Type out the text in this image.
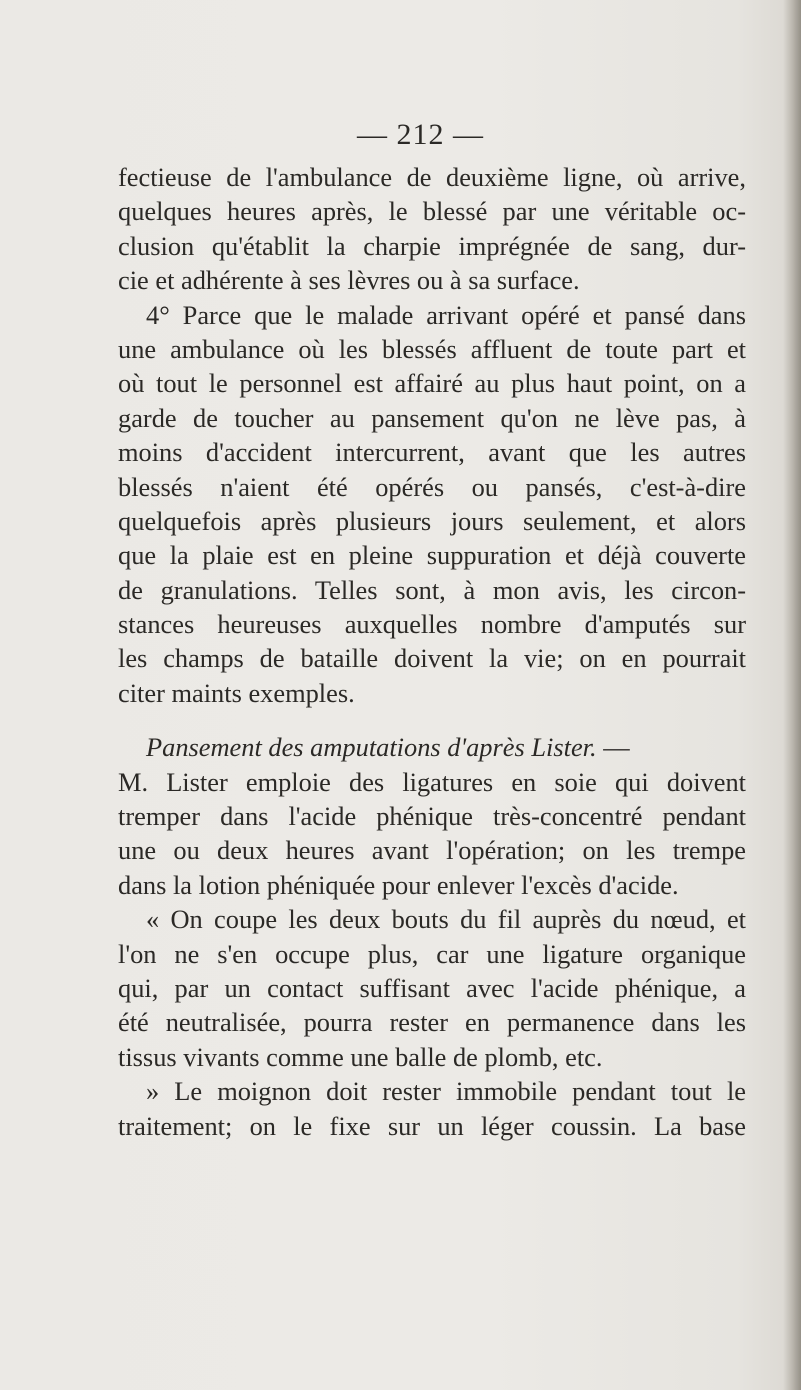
— 212 —
fectieuse de l'ambulance de deuxième ligne, où arrive,
quelques heures après, le blessé par une véritable oc-
clusion qu'établit la charpie imprégnée de sang, dur-
cie et adhérente à ses lèvres ou à sa surface.
4° Parce que le malade arrivant opéré et pansé dans
une ambulance où les blessés affluent de toute part et
où tout le personnel est affairé au plus haut point, on a
garde de toucher au pansement qu'on ne lève pas, à
moins d'accident intercurrent, avant que les autres
blessés n'aient été opérés ou pansés, c'est-à-dire
quelquefois après plusieurs jours seulement, et alors
que la plaie est en pleine suppuration et déjà couverte
de granulations. Telles sont, à mon avis, les circon-
stances heureuses auxquelles nombre d'amputés sur
les champs de bataille doivent la vie; on en pourrait
citer maints exemples.
Pansement des amputations d'après Lister. —
M. Lister emploie des ligatures en soie qui doivent
tremper dans l'acide phénique très-concentré pendant
une ou deux heures avant l'opération; on les trempe
dans la lotion phéniquée pour enlever l'excès d'acide.
« On coupe les deux bouts du fil auprès du nœud, et
l'on ne s'en occupe plus, car une ligature organique
qui, par un contact suffisant avec l'acide phénique, a
été neutralisée, pourra rester en permanence dans les
tissus vivants comme une balle de plomb, etc.
» Le moignon doit rester immobile pendant tout le
traitement; on le fixe sur un léger coussin. La base
